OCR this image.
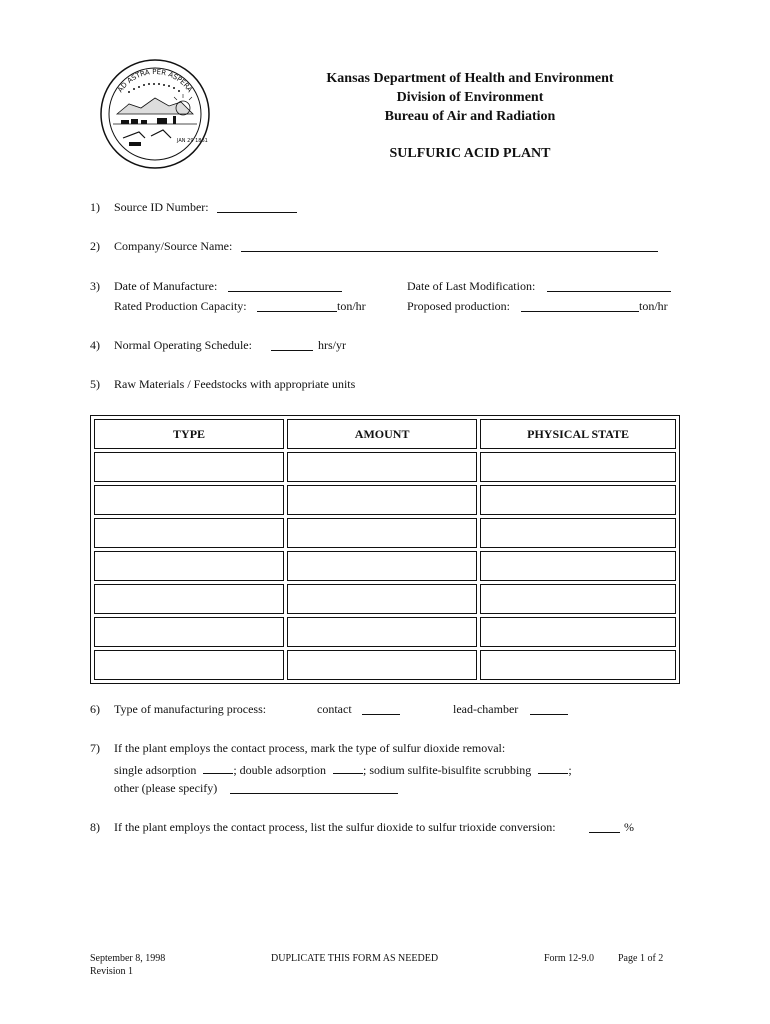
AD ASTRA PER ASPERA
JAN 29 1861
Kansas Department of Health and Environment
Division of Environment
Bureau of Air and Radiation
SULFURIC ACID PLANT
1) Source ID Number:
2) Company/Source Name:
3) Date of Manufacture:	Date of Last Modification:
Rated Production Capacity:	ton/hr	Proposed production:	ton/hr
4) Normal Operating Schedule:	hrs/yr
5) Raw Materials / Feedstocks with appropriate units
TYPE	AMOUNT	PHYSICAL STATE

6) Type of manufacturing process:	contact	lead-chamber
7) If the plant employs the contact process, mark the type of sulfur dioxide removal:
single adsorption	; double adsorption	; sodium sulfite-bisulfite scrubbing	;
other (please specify)
8) If the plant employs the contact process, list the sulfur dioxide to sulfur trioxide conversion:	%
September 8, 1998
Revision 1
DUPLICATE THIS FORM AS NEEDED	Form 12-9.0 Page 1 of 2
